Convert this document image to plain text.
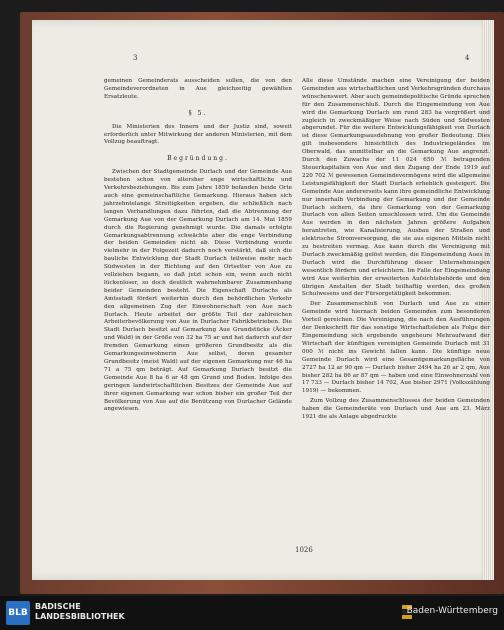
3	4

gemeinen Gemeinderats ausscheiden sollen, die von den Gemeindeverordneten in Aue gleichzeitig gewählten Ersatzleute.

§ 5.

Die Ministerien des Innern und der Justiz sind, soweit erforderlich unter Mitwirkung der anderen Ministerien, mit dem Vollzug beauftragt.

Begründung.

Zwischen der Stadtgemeinde Durlach und der Gemeinde Aue bestehen schon von altersher enge wirtschaftliche und Verkehrsbeziehungen. Bis zum Jahre 1859 befanden beide Orte auch eine gemeinschaftliche Gemarkung. Hieraus haben sich jahrzehntelange Streitigkeiten ergeben, die schließlich nach langen Verhandlungen dazu führten, daß die Abtrennung der Gemarkung Aue von der Gemarkung Durlach am 14. Mai 1859 durch die Regierung genehmigt wurde. Die damals erfolgte Gemarkungsabtrennung schwächte aber die enge Verbindung der beiden Gemeinden nicht ab. Diese Verbindung wurde vielmehr in der Folgezeit dadurch noch verstärkt, daß sich die bauliche Entwicklung der Stadt Durlach teilweise mehr nach Südwesten in der Richtung auf den Ortsetter von Aue zu vollziehen begann, so daß jetzt schon ein, wenn auch nicht lückenloser, so doch deutlich wahrnehmbarer Zusammenhang beider Gemeinden besteht. Die Eigenschaft Durlachs als Amtsstadt fördert weiterhin durch den behördlichen Verkehr den allgemeinen Zug der Einwohnerschaft von Aue nach Durlach. Heute arbeitet der größte Teil der zahlreichen Arbeiterbevölkerung von Aue in Durlacher Fabrikbetrieben. Die Stadt Durlach besitzt auf Gemarkung Aue Grundstücke (Äcker und Wald) in der Größe von 32 ha 75 ar und hat dadurch auf der fremden Gemarkung einen größeren Grundbesitz als die Gemarkungseinwohnerin Aue selbst, deren gesamter Grundbesitz (meist Wald) auf der eigenen Gemarkung nur 46 ha 71 a 75 qm beträgt. Auf Gemarkung Durlach besitzt die Gemeinde Aue 8 ha 6 ar 48 qm Grund und Boden. Infolge des geringen landwirtschaftlichen Besitzes der Gemeinde Aue auf ihrer eigenen Gemarkung war schon bisher ein großer Teil der Bevölkerung von Aue auf die Benützung von Durlacher Gelände angewiesen.

Alle diese Umstände machen eine Vereinigung der beiden Gemeinden aus wirtschaftlichen und Verkehrsgründen durchaus wünschenswert. Aber auch gemeindepolitische Gründe sprechen für den Zusammenschluß. Durch die Eingemeindung von Aue wird die Gemarkung Durlach um rund 283 ha vergrößert und zugleich in zweckmäßiger Weise nach Süden und Südwesten abgerundet. Für die weitere Entwicklungsfähigkeit von Durlach ist diese Gemarkungsausdehnung von großer Bedeutung. Dies gilt insbesondere hinsichtlich des Industriegeländes im Oberwald, das unmittelbar an die Gemarkung Aue angrenzt. Durch den Zuwachs der 11 024 650 ℳ betragenden Steuerkapitalien von Aue und den Zugang der Ende 1919 auf 220 702 ℳ gewesenen Gemeindevermögens wird die allgemeine Leistungsfähigkeit der Stadt Durlach erheblich gesteigert. Die Gemeinde Aue andererseits kann ihre gemeindliche Entwicklung nur innerhalb Verbindung der Gemarkung und der Gemeinde Durlach sichern, da ihre Gemarkung von der Gemarkung Durlach von allen Seiten umschlossen wird. Um die Gemeinde Aue werden in den nächsten Jahren größere Aufgaben herantreten, wie Kanalisierung, Ausbau der Straßen und elektrische Stromversorgung, die sie aus eigenen Mitteln nicht zu bestreiten vermag. Aue kann durch die Vereinigung mit Durlach zweckmäßig gelöst werden, die Eingemeindung Aues in Durlach wird die Durchführung dieser Unternehmungen wesentlich fördern und erleichtern. Im Falle der Eingemeindung wird Aue weiterhin der erweiterten Aufsichtsbehörde und den übrigen Anstalten der Stadt teilhaftig werden, des großen Schulwesens und der Fürsorgetätigkeit bekommen.

Der Zusammenschluß von Durlach und Aue zu einer Gemeinde wird hiernach beiden Gemeinden zum besonderen Vorteil gereichen. Die Vereinigung, die nach den Ausführungen der Denkschrift für das sonstige Wirtschaftsleben als Folge der Eingemeindung sich ergebende ungeheure Mehraufwand der Wirtschaft der künftigen vereinigten Gemeinde Durlach mit 31 000 ℳ nicht ins Gewicht fallen kann. Die künftige neue Gemeinde Durlach wird eine Gesamtgemarkungsfläche von 2727 ha 12 ar 90 qm — Durlach bisher 2494 ha 26 ar 2 qm, Aue bisher 282 ha 86 ar 87 qm — haben und eine Einwohnerzahl von 17 733 — Durlach bisher 14 702, Aue bisher 2971 (Volkszählung 1919) — bekommen.

Zum Vollzug des Zusammenschlusses der beiden Gemeinden haben die Gemeinderäte von Durlach und Aue am 23. März 1921 die als Anlage abgedruckte

1026
BLB
BADISCHE
LANDESBIBLIOTHEK
Baden-Württemberg
